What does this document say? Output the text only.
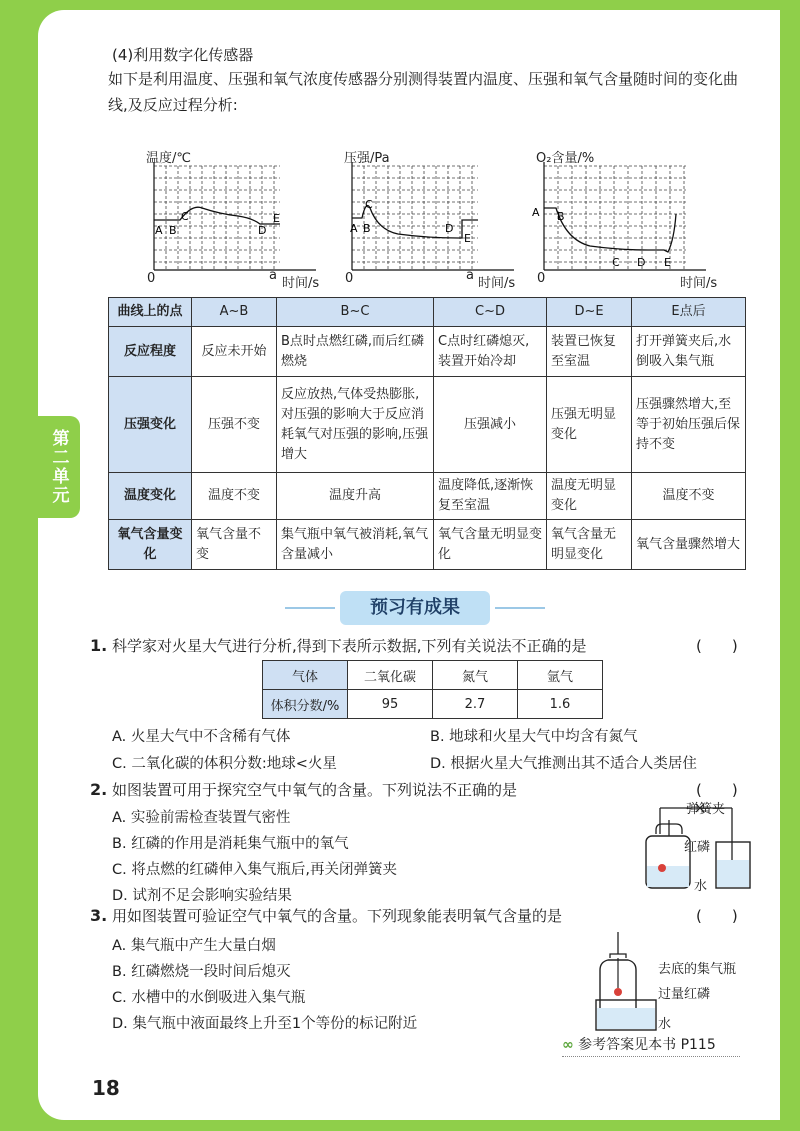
第二单元
(4)利用数字化传感器
如下是利用温度、压强和氧气浓度传感器分别测得装置内温度、压强和氧气含量随时间的变化曲线,及反应过程分析:
温度/℃
A B
C
D
E
0	a
时间/s
压强/Pa
A B
C
D
E
0	a
时间/s
O₂含量/%
A B
C D E
0	时间/s
曲线上的点	A~B	B~C	C~D	D~E	E点后
反应程度	反应未开始	B点时点燃红磷,而后红磷燃烧	C点时红磷熄灭,装置开始冷却	装置已恢复至室温	打开弹簧夹后,水倒吸入集气瓶
压强变化	压强不变	反应放热,气体受热膨胀,对压强的影响大于反应消耗氧气对压强的影响,压强增大	压强减小	压强无明显变化	压强骤然增大,至等于初始压强后保持不变
温度变化	温度不变	温度升高	温度降低,逐渐恢复至室温	温度无明显变化	温度不变
氧气含量变化	氧气含量不变	集气瓶中氧气被消耗,氧气含量减小	氧气含量无明显变化	氧气含量无明显变化	氧气含量骤然增大
预习有成果
1. 科学家对火星大气进行分析,得到下表所示数据,下列有关说法不正确的是	(　　)
气体	二氧化碳	氮气	氩气
体积分数/%	95	2.7	1.6
A. 火星大气中不含稀有气体	B. 地球和火星大气中均含有氮气
C. 二氧化碳的体积分数:地球<火星	D. 根据火星大气推测出其不适合人类居住
2. 如图装置可用于探究空气中氧气的含量。下列说法不正确的是	(　　)
A. 实验前需检查装置气密性
B. 红磷的作用是消耗集气瓶中的氧气
C. 将点燃的红磷伸入集气瓶后,再关闭弹簧夹
D. 试剂不足会影响实验结果
弹簧夹
红磷
水
3. 用如图装置可验证空气中氧气的含量。下列现象能表明氧气含量的是	(　　)
A. 集气瓶中产生大量白烟
B. 红磷燃烧一段时间后熄灭
C. 水槽中的水倒吸进入集气瓶
D. 集气瓶中液面最终上升至1个等份的标记附近
去底的集气瓶
过量红磷
水
∞ 参考答案见本书 P115
18
